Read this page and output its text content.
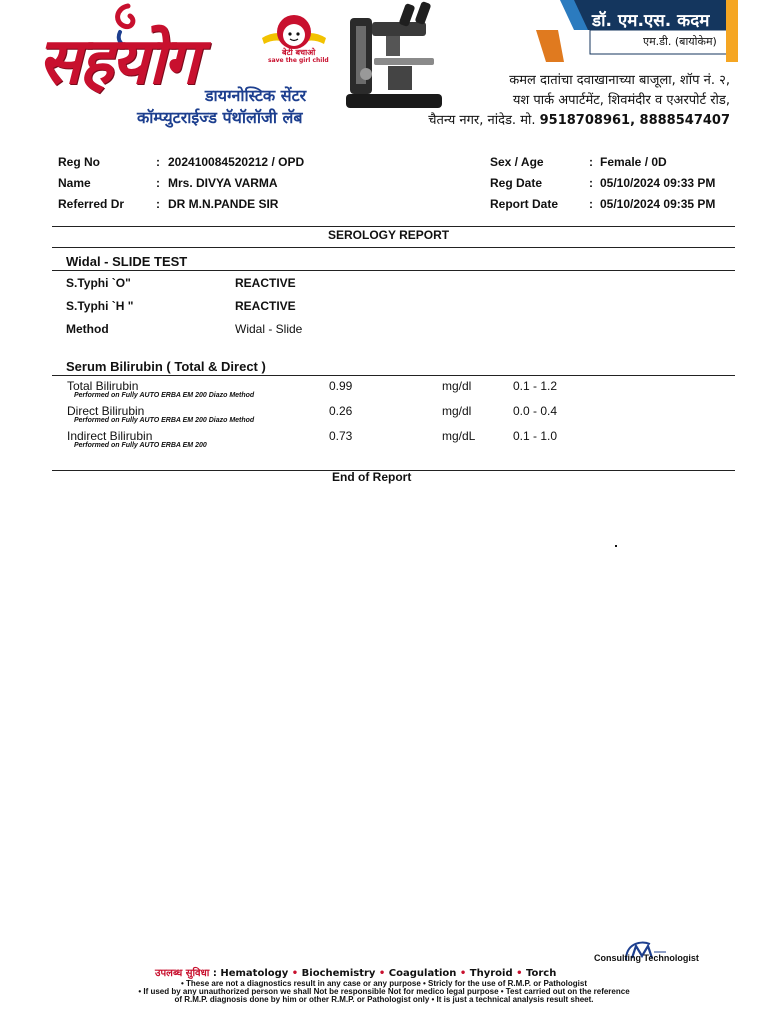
सहयोग डायग्नोस्टिक सेंटर
कॉम्प्युटराईज्ड पॅथॉलॉजी लॅब
बेटी बचाओ
save the girl child
डॉ. एम.एस. कदम
एम.डी. (बायोकेम)
कमल दातांचा दवाखानाच्या बाजूला, शॉप नं. २,
यश पार्क अपार्टमेंट, शिवमंदीर व एअरपोर्ट रोड,
चैतन्य नगर, नांदेड. मो. 9518708961, 8888547407
Reg No	: 202410084520212 / OPD
Name	: Mrs. DIVYA VARMA
Referred Dr	: DR M.N.PANDE SIR
Sex / Age	: Female / 0D
Reg Date	: 05/10/2024 09:33 PM
Report Date	: 05/10/2024 09:35 PM
SEROLOGY REPORT
Widal - SLIDE TEST
S.Typhi `O"	REACTIVE
S.Typhi `H "	REACTIVE
Method	Widal - Slide
Serum Bilirubin ( Total & Direct )
Total Bilirubin
Performed on Fully AUTO ERBA EM 200 Diazo Method
0.99	mg/dl	0.1 - 1.2
Direct Bilirubin
Performed on Fully AUTO ERBA EM 200 Diazo Method
0.26	mg/dl	0.0 - 0.4
Indirect Bilirubin
Performed on Fully AUTO ERBA EM 200
0.73	mg/dL	0.1 - 1.0
End of Report
Consulting Technologist
उपलब्ध सुविधा : Hematology • Biochemistry • Coagulation • Thyroid • Torch
• These are not a diagnostics result in any case or any purpose • Stricly for the use of R.M.P. or Pathologist
• If used by any unauthorized person we shall Not be responsible Not for medico legal purpose • Test carried out on the reference
of R.M.P. diagnosis done by him or other R.M.P. or Pathologist only • It is just a technical analysis result sheet.
